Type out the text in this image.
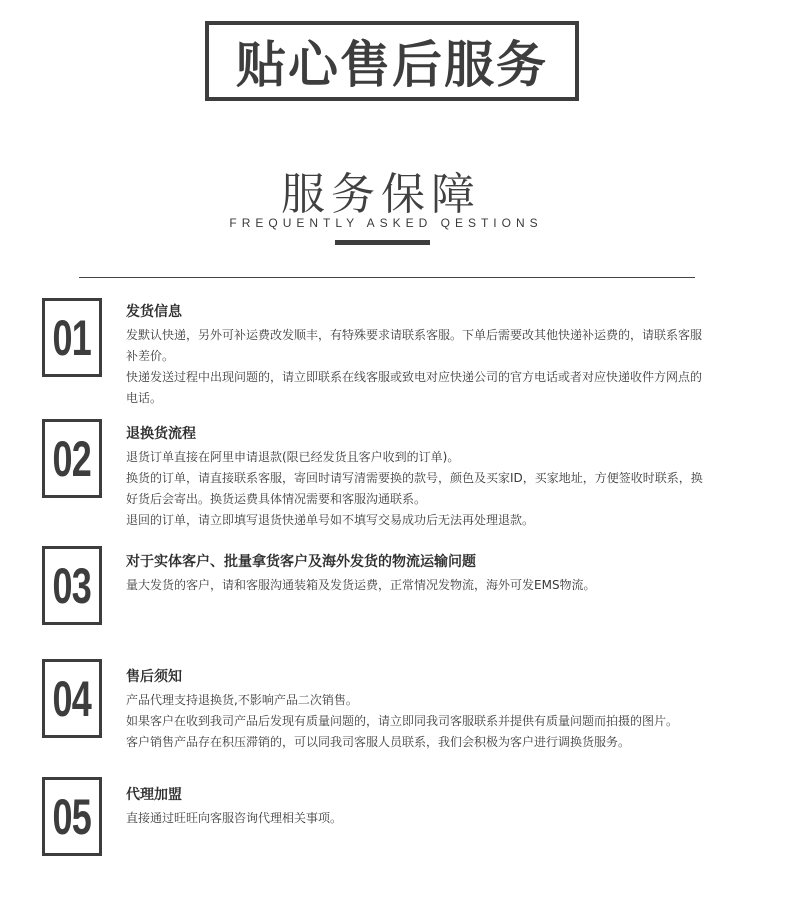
贴心售后服务
服务保障
FREQUENTLY ASKED QESTIONS
01 发货信息
发默认快递，另外可补运费改发顺丰，有特殊要求请联系客服。下单后需要改其他快递补运费的，请联系客服补差价。
快递发送过程中出现问题的，请立即联系在线客服或致电对应快递公司的官方电话或者对应快递收件方网点的电话。
02 退换货流程
退货订单直接在阿里申请退款(限已经发货且客户收到的订单)。
换货的订单，请直接联系客服，寄回时请写清需要换的款号，颜色及买家ID，买家地址，方便签收时联系，换好货后会寄出。换货运费具体情况需要和客服沟通联系。
退回的订单，请立即填写退货快递单号如不填写交易成功后无法再处理退款。
03 对于实体客户、批量拿货客户及海外发货的物流运输问题
量大发货的客户，请和客服沟通装箱及发货运费，正常情况发物流，海外可发EMS物流。
04 售后须知
产品代理支持退换货,不影响产品二次销售。
如果客户在收到我司产品后发现有质量问题的，请立即同我司客服联系并提供有质量问题而拍摄的图片。
客户销售产品存在积压滞销的，可以同我司客服人员联系，我们会积极为客户进行调换货服务。
05 代理加盟
直接通过旺旺向客服咨询代理相关事项。
